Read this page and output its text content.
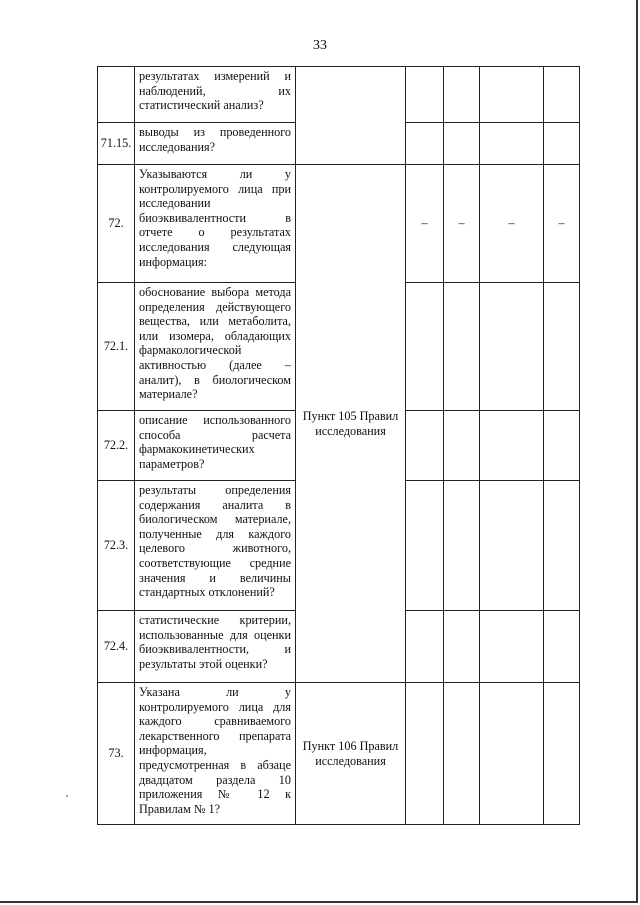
33
	результатах измерений и наблюдений, их статистический анализ?					
71.15.	выводы из проведенного исследования?					
72.	Указываются ли у контролируемого лица при исследовании биоэквивалентности в отчете о результатах исследования следующая информация:	Пункт 105 Правил исследования	–	–	–	–
72.1.	обоснование выбора метода определения действующего вещества, или метаболита, или изомера, обладающих фармакологической активностью (далее – аналит), в биологическом материале?					
72.2.	описание использованного способа расчета фармакокинетических параметров?					
72.3.	результаты определения содержания аналита в биологическом материале, полученные для каждого целевого животного, соответствующие средние значения и величины стандартных отклонений?					
72.4.	статистические критерии, использованные для оценки биоэквивалентности, и результаты этой оценки?					
73.	Указана ли у контролируемого лица для каждого сравниваемого лекарственного препарата информация, предусмотренная в абзаце двадцатом раздела 10 приложения № 12 к Правилам № 1?	Пункт 106 Правил исследования				
